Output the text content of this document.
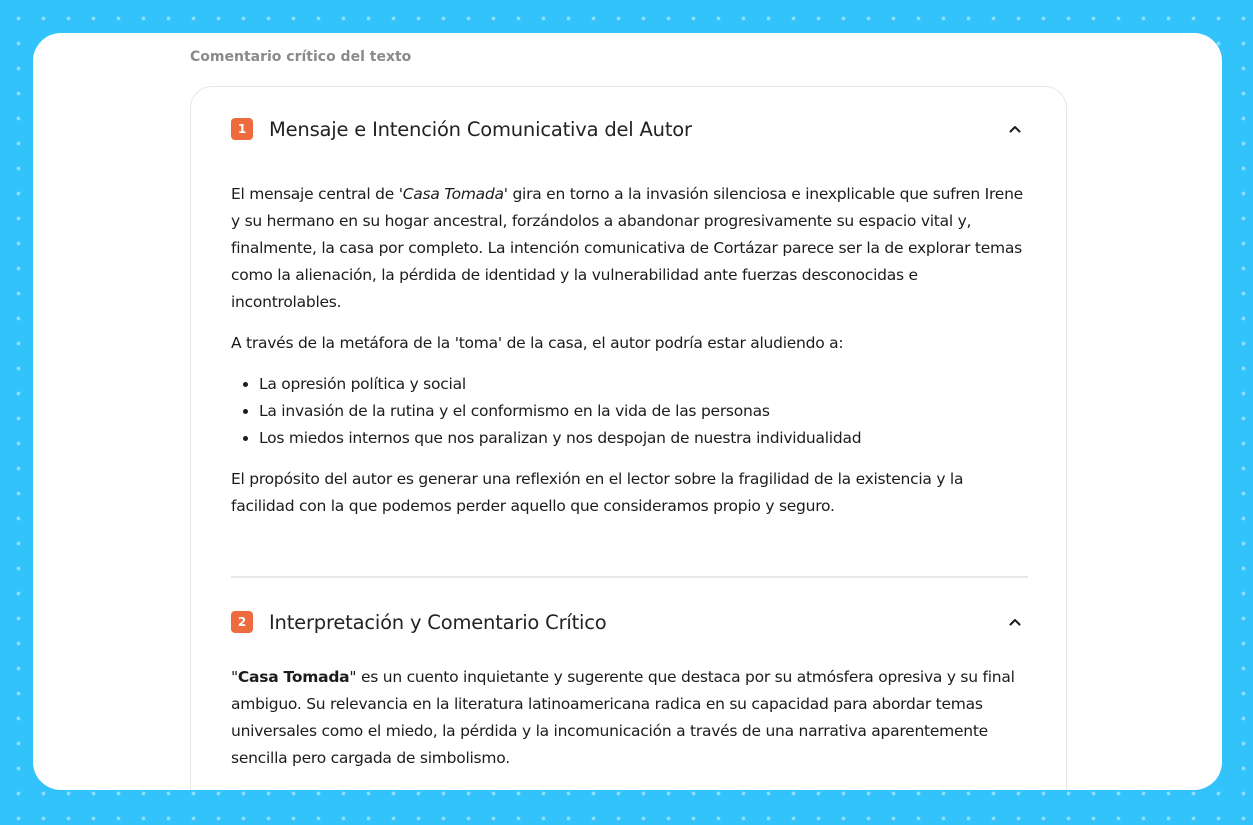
Comentario crítico del texto
1	Mensaje e Intención Comunicativa del Autor

El mensaje central de 'Casa Tomada' gira en torno a la invasión silenciosa e inexplicable que sufren Irene y su hermano en su hogar ancestral, forzándolos a abandonar progresivamente su espacio vital y, finalmente, la casa por completo. La intención comunicativa de Cortázar parece ser la de explorar temas como la alienación, la pérdida de identidad y la vulnerabilidad ante fuerzas desconocidas e incontrolables.

A través de la metáfora de la 'toma' de la casa, el autor podría estar aludiendo a:

• La opresión política y social
• La invasión de la rutina y el conformismo en la vida de las personas
• Los miedos internos que nos paralizan y nos despojan de nuestra individualidad

El propósito del autor es generar una reflexión en el lector sobre la fragilidad de la existencia y la facilidad con la que podemos perder aquello que consideramos propio y seguro.

2	Interpretación y Comentario Crítico

"Casa Tomada" es un cuento inquietante y sugerente que destaca por su atmósfera opresiva y su final ambiguo. Su relevancia en la literatura latinoamericana radica en su capacidad para abordar temas universales como el miedo, la pérdida y la incomunicación a través de una narrativa aparentemente sencilla pero cargada de simbolismo.
